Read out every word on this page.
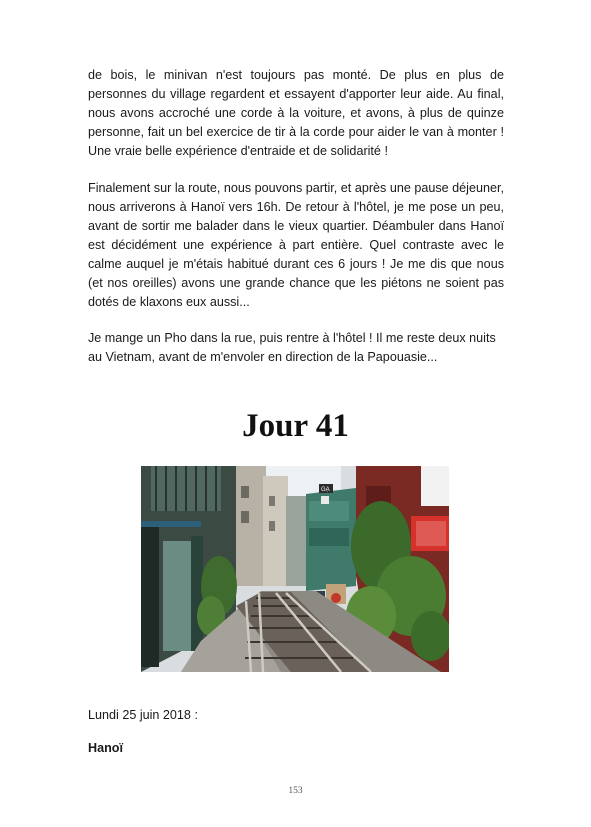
de bois, le minivan n'est toujours pas monté. De plus en plus de personnes du village regardent et essayent d'apporter leur aide. Au final, nous avons accroché une corde à la voiture, et avons, à plus de quinze personne, fait un bel exercice de tir à la corde pour aider le van à monter ! Une vraie belle expérience d'entraide et de solidarité !

Finalement sur la route, nous pouvons partir, et après une pause déjeuner, nous arriverons à Hanoï vers 16h. De retour à l'hôtel, je me pose un peu, avant de sortir me balader dans le vieux quartier. Déambuler dans Hanoï est décidément une expérience à part entière. Quel contraste avec le calme auquel je m'étais habitué durant ces 6 jours ! Je me dis que nous (et nos oreilles) avons une grande chance que les piétons ne soient pas dotés de klaxons eux aussi...

Je mange un Pho dans la rue, puis rentre à l'hôtel ! Il me reste deux nuits au Vietnam, avant de m'envoler en direction de la Papouasie...

Jour 41
GẠ

Lundi 25 juin 2018 :

Hanoï

153
